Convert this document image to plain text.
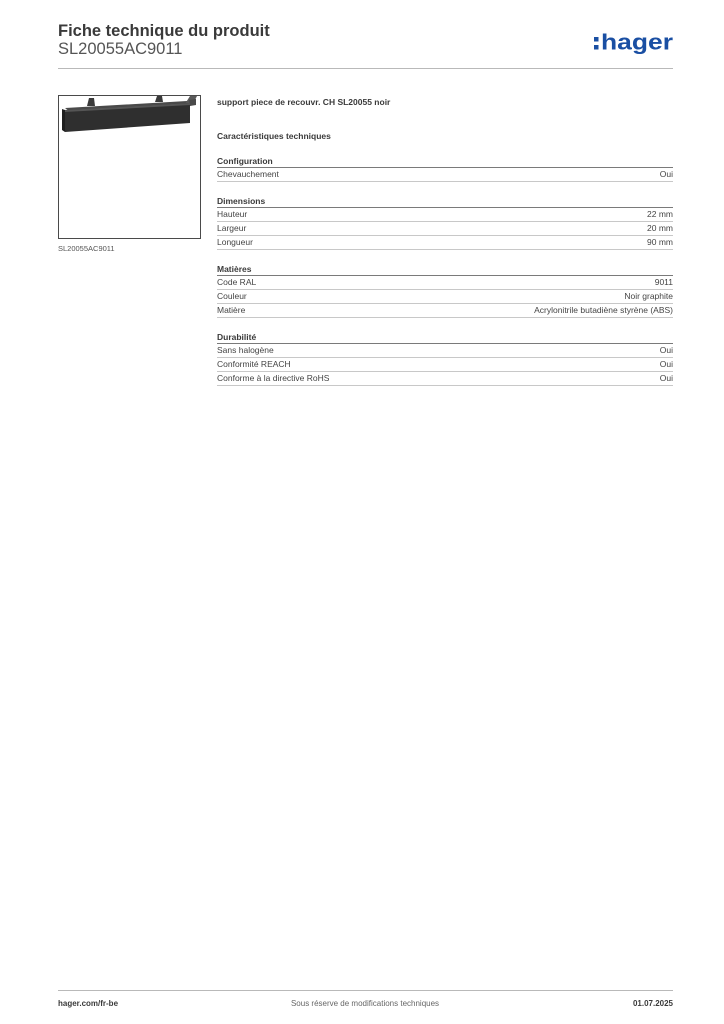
Fiche technique du produit
SL20055AC9011	hager
SL20055AC9011
support piece de recouvr. CH SL20055 noir
Caractéristiques techniques
Configuration
Chevauchement	Oui
Dimensions
Hauteur	22 mm
Largeur	20 mm
Longueur	90 mm
Matières
Code RAL	9011
Couleur	Noir graphite
Matière	Acrylonitrile butadiène styrène (ABS)
Durabilité
Sans halogène	Oui
Conformité REACH	Oui
Conforme à la directive RoHS	Oui
hager.com/fr-be	Sous réserve de modifications techniques	01.07.2025
